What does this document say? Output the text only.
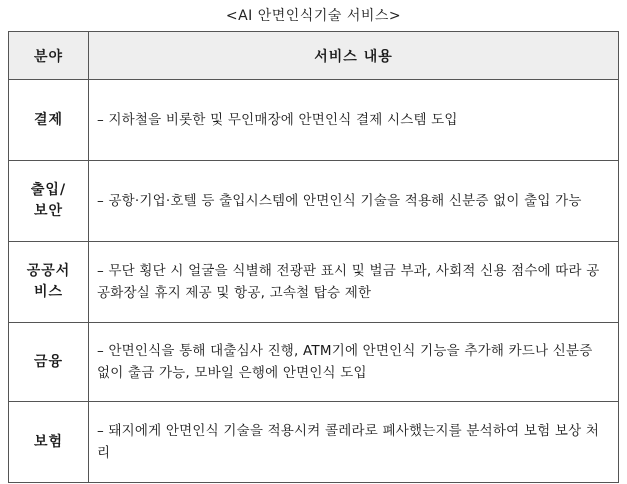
<AI 안면인식기술 서비스>
분야	서비스 내용

결제	– 지하철을 비롯한 및 무인매장에 안면인식 결제 시스템 도입

출입/
보안	– 공항·기업·호텔 등 출입시스템에 안면인식 기술을 적용해 신분증 없이 출입 가능

공공서
비스	– 무단 횡단 시 얼굴을 식별해 전광판 표시 및 벌금 부과, 사회적 신용 점수에 따라 공공화장실 휴지 제공 및 항공, 고속철 탑승 제한

금융	– 안면인식을 통해 대출심사 진행, ATM기에 안면인식 기능을 추가해 카드나 신분증 없이 출금 가능, 모바일 은행에 안면인식 도입

보험	– 돼지에게 안면인식 기술을 적용시켜 콜레라로 폐사했는지를 분석하여 보험 보상 처리
